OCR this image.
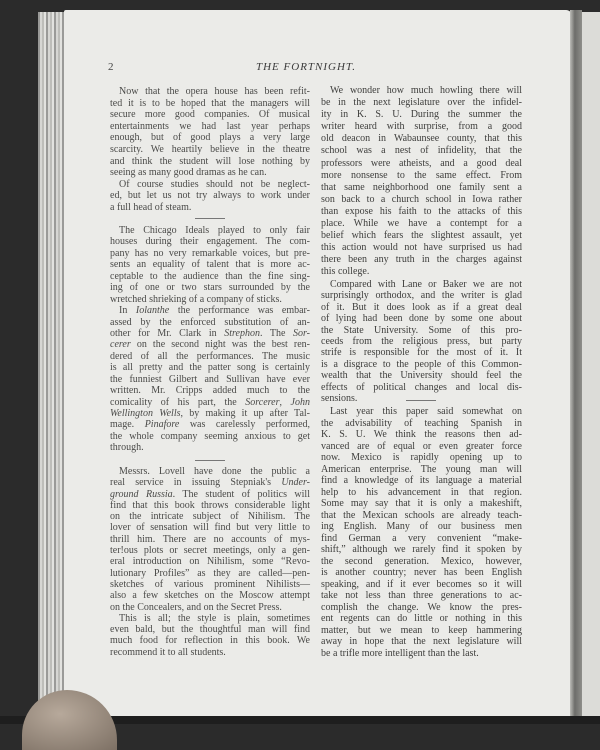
2	THE FORTNIGHT.
Now that the opera house has been refit-
ted it is to be hoped that the managers will
secure more good companies. Of musical
entertainments we had last year perhaps
enough, but of good plays a very large
scarcity. We heartily believe in the theatre
and think the student will lose nothing by
seeing as many good dramas as he can.
Of course studies should not be neglect-
ed, but let us not try always to work under
a full head of steam.
The Chicago Ideals played to only fair
houses during their engagement. The com-
pany has no very remarkable voices, but pre-
sents an equality of talent that is more ac-
ceptable to the audience than the fine sing-
ing of one or two stars surrounded by the
wretched shrieking of a company of sticks.
In Iolanthe the performance was embar-
assed by the enforced substitution of an-
other for Mr. Clark in Strephon. The Sor-
cerer on the second night was the best ren-
dered of all the performances. The music
is all pretty and the patter song is certainly
the funniest Gilbert and Sullivan have ever
written. Mr. Cripps added much to the
comicality of his part, the Sorcerer, John
Wellington Wells, by making it up after Tal-
mage. Pinafore was carelessly performed,
the whole company seeming anxious to get
through.
Messrs. Lovell have done the public a
real service in issuing Stepniak's Under-
ground Russia. The student of politics will
find that this book throws considerable light
on the intricate subject of Nihilism. The
lover of sensation will find but very little to
thrill him. There are no accounts of mys-
ter!ous plots or secret meetings, only a gen-
eral introduction on Nihilism, some “Revo-
lutionary Profiles” as they are called—pen-
sketches of various prominent Nihilists—
also a few sketches on the Moscow attempt
on the Concealers, and on the Secret Press.
This is all; the style is plain, sometimes
even bald, but the thoughtful man will find
much food for reflection in this book. We
recommend it to all students.
We wonder how much howling there will
be in the next legislature over the infidel-
ity in K. S. U. During the summer the
writer heard with surprise, from a good
old deacon in Wabaunsee county, that this
school was a nest of infidelity, that the
professors were atheists, and a good deal
more nonsense to the same effect. From
that same neighborhood one family sent a
son back to a church school in Iowa rather
than expose his faith to the attacks of this
place. While we have a contempt for a
belief which fears the slightest assault, yet
this action would not have surprised us had
there been any truth in the charges against
this college.
Compared with Lane or Baker we are not
surprisingly orthodox, and the writer is glad
of it. But it does look as if a great deal
of lying had been done by some one about
the State University. Some of this pro-
ceeds from the religious press, but party
strife is responsible for the most of it. It
is a disgrace to the people of this Common-
wealth that the University should feel the
effects of political changes and local dis-
sensions.
Last year this paper said somewhat on
the advisability of teaching Spanish in
K. S. U. We think the reasons then ad-
vanced are of equal or even greater force
now. Mexico is rapidly opening up to
American enterprise. The young man will
find a knowledge of its language a material
help to his advancement in that region.
Some may say that it is only a makeshift,
that the Mexican schools are already teach-
ing English. Many of our business men
find German a very convenient “make-
shift,” although we rarely find it spoken by
the second generation. Mexico, however,
is another country; never has been English
speaking, and if it ever becomes so it will
take not less than three generations to ac-
complish the change. We know the pres-
ent regents can do little or nothing in this
matter, but we mean to keep hammering
away in hope that the next legislature will
be a trifle more intelligent than the last.
